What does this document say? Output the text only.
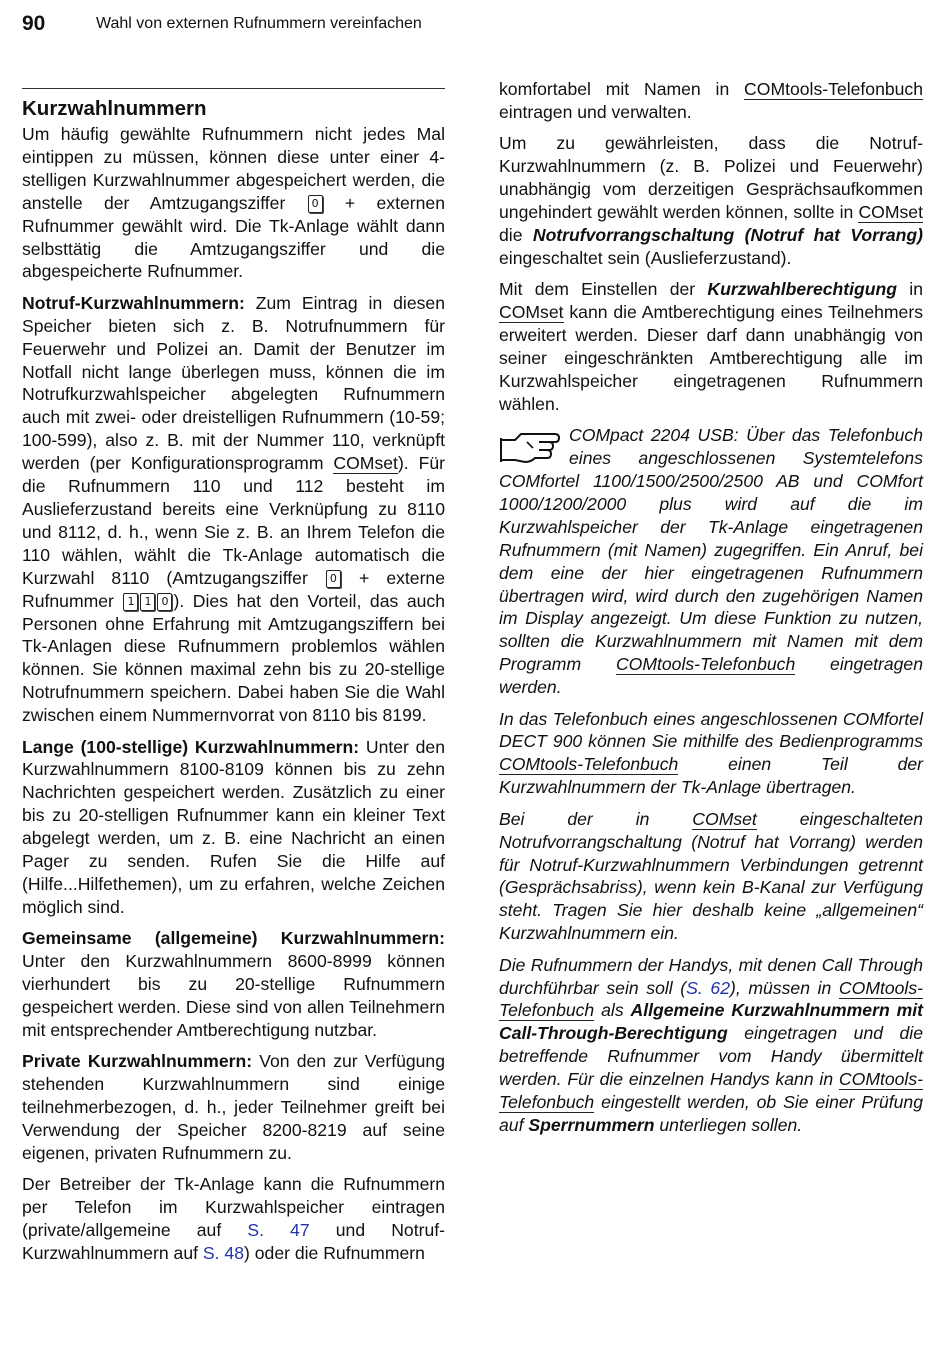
90	Wahl von externen Rufnummern vereinfachen
Kurzwahlnummern

Um häufig gewählte Rufnummern nicht jedes Mal eintippen zu müssen, können diese unter einer 4-stelligen Kurzwahlnummer abgespeichert werden, die anstelle der Amtzugangsziffer 0 + externen Rufnummer gewählt wird. Die Tk-Anlage wählt dann selbsttätig die Amtzugangsziffer und die abgespeicherte Rufnummer.

Notruf-Kurzwahlnummern: Zum Eintrag in diesen Speicher bieten sich z. B. Notrufnummern für Feuerwehr und Polizei an. Damit der Benutzer im Notfall nicht lange überlegen muss, können die im Notrufkurzwahlspeicher abgelegten Rufnummern auch mit zwei- oder dreistelligen Rufnummern (10-59; 100-599), also z. B. mit der Nummer 110, verknüpft werden (per Konfigurationsprogramm COMset). Für die Rufnummern 110 und 112 besteht im Auslieferzustand bereits eine Verknüpfung zu 8110 und 8112, d. h., wenn Sie z. B. an Ihrem Telefon die 110 wählen, wählt die Tk-Anlage automatisch die Kurzwahl 8110 (Amtzugangsziffer 0 + externe Rufnummer 1 1 0 ). Dies hat den Vorteil, das auch Personen ohne Erfahrung mit Amtzugangsziffern bei Tk-Anlagen diese Rufnummern problemlos wählen können. Sie können maximal zehn bis zu 20-stellige Notrufnummern speichern. Dabei haben Sie die Wahl zwischen einem Nummernvorrat von 8110 bis 8199.

Lange (100-stellige) Kurzwahlnummern: Unter den Kurzwahlnummern 8100-8109 können bis zu zehn Nachrichten gespeichert werden. Zusätzlich zu einer bis zu 20-stelligen Rufnummer kann ein kleiner Text abgelegt werden, um z. B. eine Nachricht an einen Pager zu senden. Rufen Sie die Hilfe auf (Hilfe...Hilfethemen), um zu erfahren, welche Zeichen möglich sind.

Gemeinsame (allgemeine) Kurzwahlnummern: Unter den Kurzwahlnummern 8600-8999 können vierhundert bis zu 20-stellige Rufnummern gespeichert werden. Diese sind von allen Teilnehmern mit entsprechender Amtberechtigung nutzbar.

Private Kurzwahlnummern: Von den zur Verfügung stehenden Kurzwahlnummern sind einige teilnehmerbezogen, d. h., jeder Teilnehmer greift bei Verwendung der Speicher 8200-8219 auf seine eigenen, privaten Rufnummern zu.

Der Betreiber der Tk-Anlage kann die Rufnummern per Telefon im Kurzwahlspeicher eintragen (private/allgemeine auf S. 47 und Notruf-Kurzwahlnummern auf S. 48) oder die Rufnummern

komfortabel mit Namen in COMtools-Telefonbuch eintragen und verwalten.

Um zu gewährleisten, dass die Notruf-Kurzwahlnummern (z. B. Polizei und Feuerwehr) unabhängig vom derzeitigen Gesprächsaufkommen ungehindert gewählt werden können, sollte in COMset die Notrufvorrangschaltung (Notruf hat Vorrang) eingeschaltet sein (Auslieferzustand).

Mit dem Einstellen der Kurzwahlberechtigung in COMset kann die Amtberechtigung eines Teilnehmers erweitert werden. Dieser darf dann unabhängig von seiner eingeschränkten Amtberechtigung alle im Kurzwahlspeicher eingetragenen Rufnummern wählen.

COMpact 2204 USB: Über das Telefonbuch eines angeschlossenen Systemtelefons COMfortel 1100/1500/2500/2500 AB und COMfort 1000/1200/2000 plus wird auf die im Kurzwahlspeicher der Tk-Anlage eingetragenen Rufnummern (mit Namen) zugegriffen. Ein Anruf, bei dem eine der hier eingetragenen Rufnummern übertragen wird, wird durch den zugehörigen Namen im Display angezeigt. Um diese Funktion zu nutzen, sollten die Kurzwahlnummern mit Namen mit dem Programm COMtools-Telefonbuch eingetragen werden.

In das Telefonbuch eines angeschlossenen COMfortel DECT 900 können Sie mithilfe des Bedienprogramms COMtools-Telefonbuch einen Teil der Kurzwahlnummern der Tk-Anlage übertragen.

Bei der in COMset eingeschalteten Notrufvorrangschaltung (Notruf hat Vorrang) werden für Notruf-Kurzwahlnummern Verbindungen getrennt (Gesprächsabriss), wenn kein B-Kanal zur Verfügung steht. Tragen Sie hier deshalb keine „allgemeinen“ Kurzwahlnummern ein.

Die Rufnummern der Handys, mit denen Call Through durchführbar sein soll (S. 62), müssen in COMtools-Telefonbuch als Allgemeine Kurzwahlnummern mit Call-Through-Berechtigung eingetragen und die betreffende Rufnummer vom Handy übermittelt werden. Für die einzelnen Handys kann in COMtools-Telefonbuch eingestellt werden, ob Sie einer Prüfung auf Sperrnummern unterliegen sollen.
